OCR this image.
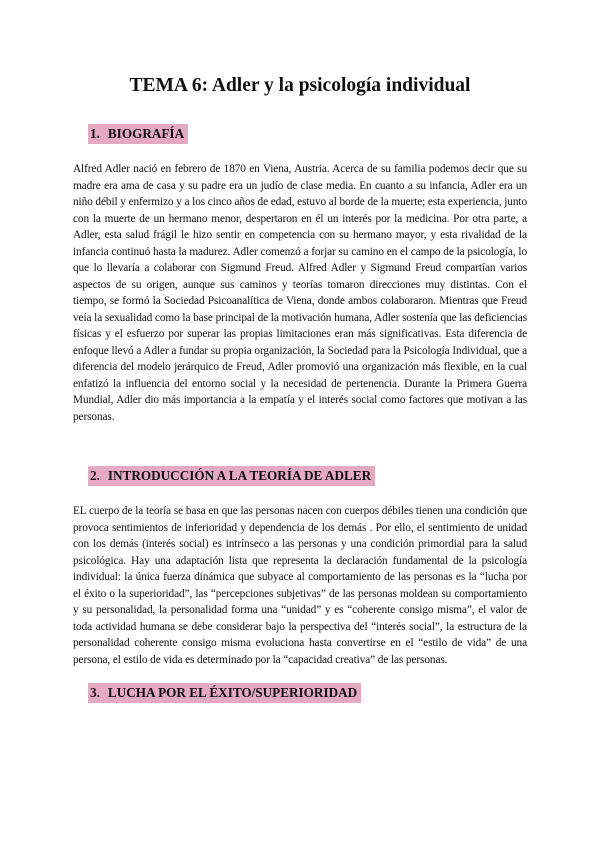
TEMA 6: Adler y la psicología individual
1. BIOGRAFÍA

Alfred Adler nació en febrero de 1870 en Viena, Austria. Acerca de su familia podemos decir que su madre era ama de casa y su padre era un judío de clase media. En cuanto a su infancia, Adler era un niño débil y enfermizo y a los cinco años de edad, estuvo al borde de la muerte; esta experiencia, junto con la muerte de un hermano menor, despertaron en él un interés por la medicina. Por otra parte, a Adler, esta salud frágil le hizo sentir en competencia con su hermano mayor, y esta rivalidad de la infancia continuó hasta la madurez. Adler comenzó a forjar su camino en el campo de la psicología, lo que lo llevaría a colaborar con Sigmund Freud. Alfred Adler y Sigmund Freud compartían varios aspectos de su origen, aunque sus caminos y teorías tomaron direcciones muy distintas. Con el tiempo, se formó la Sociedad Psicoanalítica de Viena, donde ambos colaboraron. Mientras que Freud veía la sexualidad como la base principal de la motivación humana, Adler sostenía que las deficiencias físicas y el esfuerzo por superar las propias limitaciones eran más significativas. Esta diferencia de enfoque llevó a Adler a fundar su propia organización, la Sociedad para la Psicología Individual, que a diferencia del modelo jerárquico de Freud, Adler promovió una organización más flexible, en la cual enfatizó la influencia del entorno social y la necesidad de pertenencia. Durante la Primera Guerra Mundial, Adler dio más importancia a la empatía y el interés social como factores que motivan a las personas.

2. INTRODUCCIÓN A LA TEORÍA DE ADLER

EL cuerpo de la teoría se basa en que las personas nacen con cuerpos débiles tienen una condición que provoca sentimientos de inferioridad y dependencia de los demás . Por ello, el sentimiento de unidad con los demás (interés social) es intrínseco a las personas y una condición primordial para la salud psicológica. Hay una adaptación lista que representa la declaración fundamental de la psicología individual: la única fuerza dinámica que subyace al comportamiento de las personas es la “lucha por el éxito o la superioridad”, las “percepciones subjetivas” de las personas moldean su comportamiento y su personalidad, la personalidad forma una “unidad” y es “coherente consigo misma”, el valor de toda actividad humana se debe considerar bajo la perspectiva del “interés social”, la estructura de la personalidad coherente consigo misma evoluciona hasta convertirse en el “estilo de vida” de una persona, el estilo de vida es determinado por la “capacidad creativa” de las personas.

3. LUCHA POR EL ÉXITO/SUPERIORIDAD
